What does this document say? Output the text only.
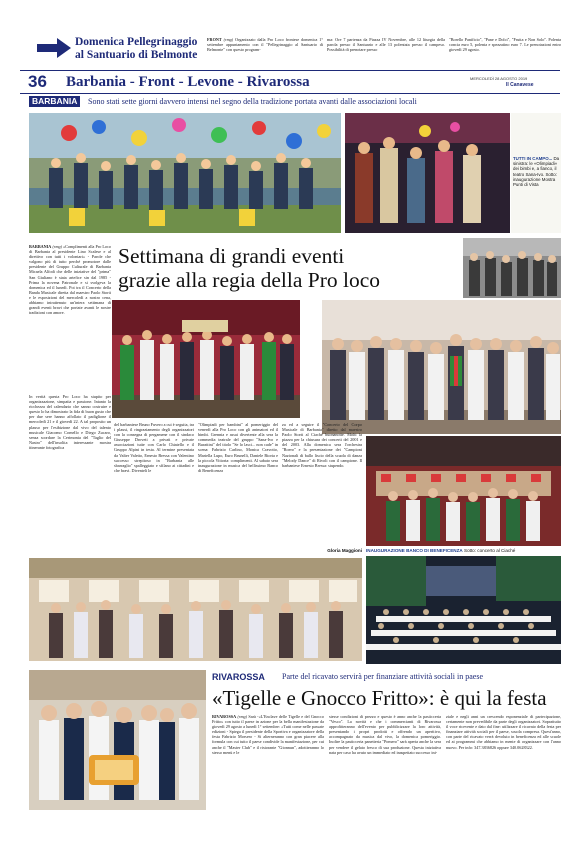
Domenica Pellegrinaggio
al Santuario di Belmonte
FRONT (rmg) Organizzato dalla Pro Loco frontese domenica 1° settembre appuntamento con il "Pellegrinaggio al Santuario di Belmonte" con questo program-
ma: Ore 7 partenza da Piazza IV Novembre, alle 12 liturgia della parola presso il Santuario e alle 13 polentata presso il campeso. Possibilità di prenotare presso
"Borello Panificio", "Pane e Dolci", "Frutta e Non Solo". Polenta concia euro 5, polenta e spezzatino euro 7. Le prenotazioni entro giovedì 29 agosto.
36 Barbania - Front - Levone - Rivarossa	MERCOLEDÌ 28 AGOSTO 2019
Il Canavese
BARBANIA	Sono stati sette giorni davvero intensi nel segno della tradizione portata avanti dalle associazioni locali
TUTTI IN CAMPO... Da sinistra: le «Olimpiadi» dei bimbi e, a fianco, il teatro Sana-Ivo. Sotto: inaugurazione Mostra Punti di Vista
BARBANIA (rmg) «Complimenti alla Pro Loco di Barbania al presidente Lino Scalese e al direttivo con tutti i volontari» - Parole che valgono più di tutto perché promotore dalle presidente del Gruppo Culturale di Barbania Micaela Alfodi che delle iniziative del "prima" San Giuliano è stata artefice sin dal 1985 - Prima la novena Patronale e si svolgeva la domenica ed il lunedì. Poi tra il Concerto della Banda Musicale diretta dal maestro Paolo Storti e le esposizioni del mercoledì a nostro cena, abbiamo intrattenuto un'intera settimana di grandi eventi bravi che portate avanti le nostre tradizioni con amore.
Settimana di grandi eventi
grazie alla regia della Pro loco
In verità questa Pro Loco ha stupito per organizzazione, simpatia e passione. Intanto la ricchezza del calendario che sanno costruire e questo lo ha dimostrato la fida di buon gusto che per due sere hanno affollato il padiglione il mercoledì 21 e il giovedì 22. A tal proposito un plauso per l'esibizione dal vivo del talento musicale Giacomo Cornello e Diego Zucaro, senza scordare la Cerimonia del "Taglio del Nastro" dell'insolita interessante mostra itinerante fotografica
del barbaniese Bruno Fuvero a cui è seguita, tra i plausi, il ringraziamento degli organizzatori con la consegna di pergamene con il sindaco Giuseppe Droveti a privati e private associazioni tutte con Carlo Chiatello e il Gruppo Alpini in testa. Al termine presentata da Valter Valetto, Ernesto Bressa con Valentino successo strepitoso in "Barbania alle sbarraglio" spalleggiato e sfilano ai cittadini e che bravi. Diventeli le
"Olimpiadi per bambini" al pomeriggio del venerdì alla Pro Loco con gli animatori ed il bimbi. Grennia e assai divertente alla sera la commedia teatrale del gruppo "Sana-Ivo e Burattini" del titolo "Se lo lasci... non cade" in scena: Fabrizio Carlino, Monica Cravotto, Mariella Lupo, Euro Brunelli, Daniele Bioria e la piccola Vittoria: complimenti. Al sabato sera inaugurazione in musica del bellissimo Banco di Beneficenza
za ed a seguire il "Concerto del Corpo Musicale di Barbania" diretto dal maestro Paolo Storti al Ciaché buonanotte. Molti la piazza per la chiusura dei concerti del 2001 e del 2003. Alla domenica sera l'orchestra "Roero" e la presentazione dei "Campioni Nazionali di ballo liscio della scuola di danza "Melody Dance" di Rivoli con il campione. Il barbaniese Ernesto Bressa: stupendo.
Gloria Maggioni INAUGURAZIONE BANCO DI BENEFICENZA Sotto: concerto al Ciaché
RIVAROSSA Parte del ricavato servirà per finanziare attività sociali in paese
«Tigelle e Gnocco Fritto»: è qui la festa
RIVAROSSA (rmg) Sarà -«L'Enclave delle Tigelle e del Gnocco Fritto» con tutto il paese in azione per la bella manifestazione da giovedì 29 agosto a lunedì 1° settembre: «Tutti come nelle passate edizioni - Spiega il presidente della Sportiva e organizzatore della festa Fabrizio Morsero - Si alterneranno con gran piacere alla formula con cui tutto il paese condivide la manifestazione, per cui anche il "Master Club" e il ristorante "Gionnun", adottteranno lo stesso menù e le
stesse condizioni di prezzo e questo è anno anche la pasticceria "Vesco". La novità e che i commercianti di Rivarossa approfitteranno dell'evento per pubblicizzare la loro attività, presentando i propri prodotti e offrendo un aperitivo, accompagnato da musica dal vivo, la domenica pomeriggio. Inoltre la pasticceria panetteria "Pomero" sarà aperta anche la sera per vendere il gelato fresco di sua produzione. Questa iniziativa nata per caso ha avuto un immediato ed inaspettato successo ini-
ziale e negli anni un crescendo esponenziale di partecipazione, certamente non prevedibile da parte degli organizzatori. Soprattutto il voce ricevente e dato dal fine: utilizzare il ricavato della festa per finanziare attività sociali per il paese, scuola compresa. Quest'anno, con parte del ricavato verrà devoluto in beneficenza ed alle scuole ed ai programmi che abbiamo in mente di organizzare con l'anno nuovo. Per info: 347.3836826 oppure 340.0628322.
